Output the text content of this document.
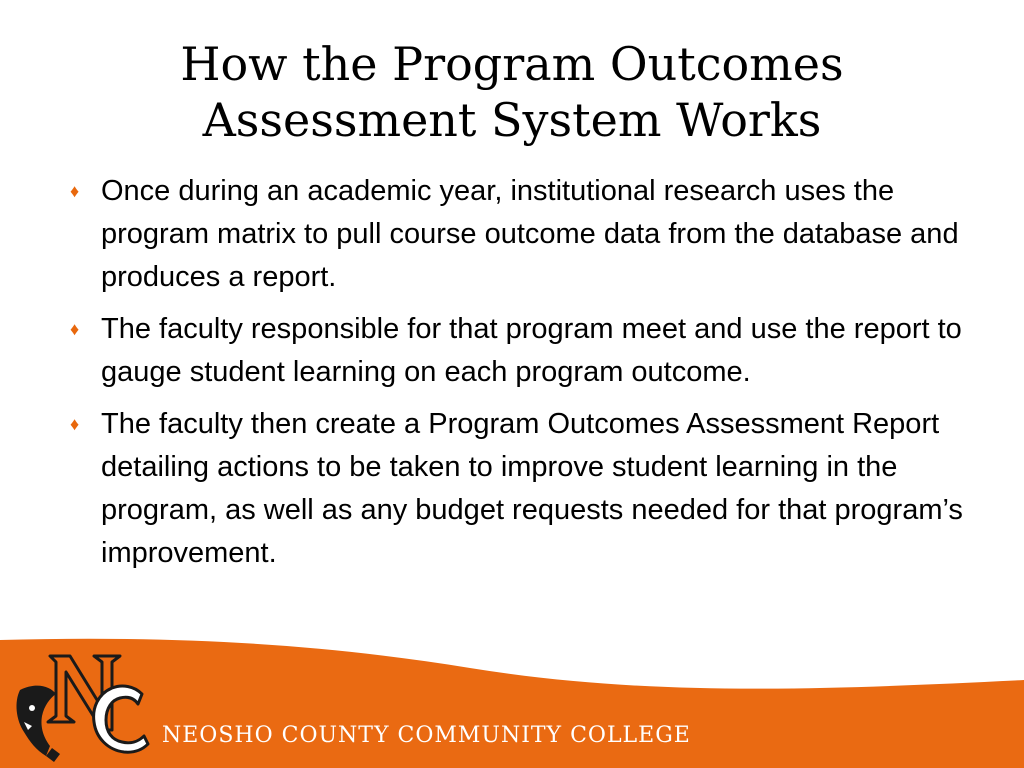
How the Program Outcomes
Assessment System Works
♦ Once during an academic year, institutional research uses the program matrix to pull course outcome data from the database and produces a report.
♦ The faculty responsible for that program meet and use the report to gauge student learning on each program outcome.
♦ The faculty then create a Program Outcomes Assessment Report detailing actions to be taken to improve student learning in the program, as well as any budget requests needed for that program’s improvement.
NEOSHO COUNTY COMMUNITY COLLEGE
